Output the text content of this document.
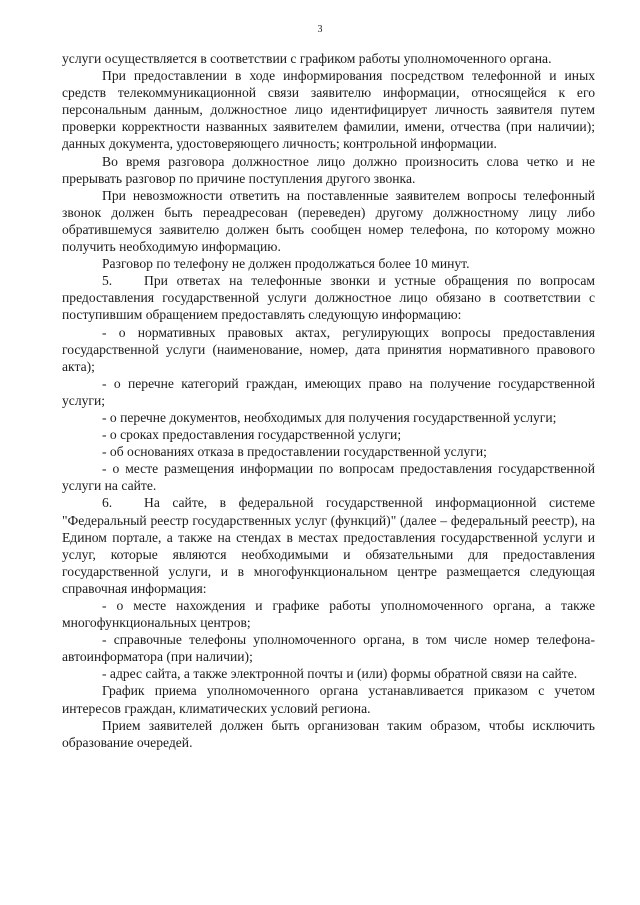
3

услуги осуществляется в соответствии с графиком работы уполномоченного органа.

При предоставлении в ходе информирования посредством телефонной и иных средств телекоммуникационной связи заявителю информации, относящейся к его персональным данным, должностное лицо идентифицирует личность заявителя путем проверки корректности названных заявителем фамилии, имени, отчества (при наличии); данных документа, удостоверяющего личность; контрольной информации.

Во время разговора должностное лицо должно произносить слова четко и не прерывать разговор по причине поступления другого звонка.

При невозможности ответить на поставленные заявителем вопросы телефонный звонок должен быть переадресован (переведен) другому должностному лицу либо обратившемуся заявителю должен быть сообщен номер телефона, по которому можно получить необходимую информацию.

Разговор по телефону не должен продолжаться более 10 минут.

5. При ответах на телефонные звонки и устные обращения по вопросам предоставления государственной услуги должностное лицо обязано в соответствии с поступившим обращением предоставлять следующую информацию:

- о нормативных правовых актах, регулирующих вопросы предоставления государственной услуги (наименование, номер, дата принятия нормативного правового акта);

- о перечне категорий граждан, имеющих право на получение государственной услуги;

- о перечне документов, необходимых для получения государственной услуги;

- о сроках предоставления государственной услуги;

- об основаниях отказа в предоставлении государственной услуги;

- о месте размещения информации по вопросам предоставления государственной услуги на сайте.

6. На сайте, в федеральной государственной информационной системе "Федеральный реестр государственных услуг (функций)" (далее – федеральный реестр), на Едином портале, а также на стендах в местах предоставления государственной услуги и услуг, которые являются необходимыми и обязательными для предоставления государственной услуги, и в многофункциональном центре размещается следующая справочная информация:

- о месте нахождения и графике работы уполномоченного органа, а также многофункциональных центров;

- справочные телефоны уполномоченного органа, в том числе номер телефона-автоинформатора (при наличии);

- адрес сайта, а также электронной почты и (или) формы обратной связи на сайте.

График приема уполномоченного органа устанавливается приказом с учетом интересов граждан, климатических условий региона.

Прием заявителей должен быть организован таким образом, чтобы исключить образование очередей.
